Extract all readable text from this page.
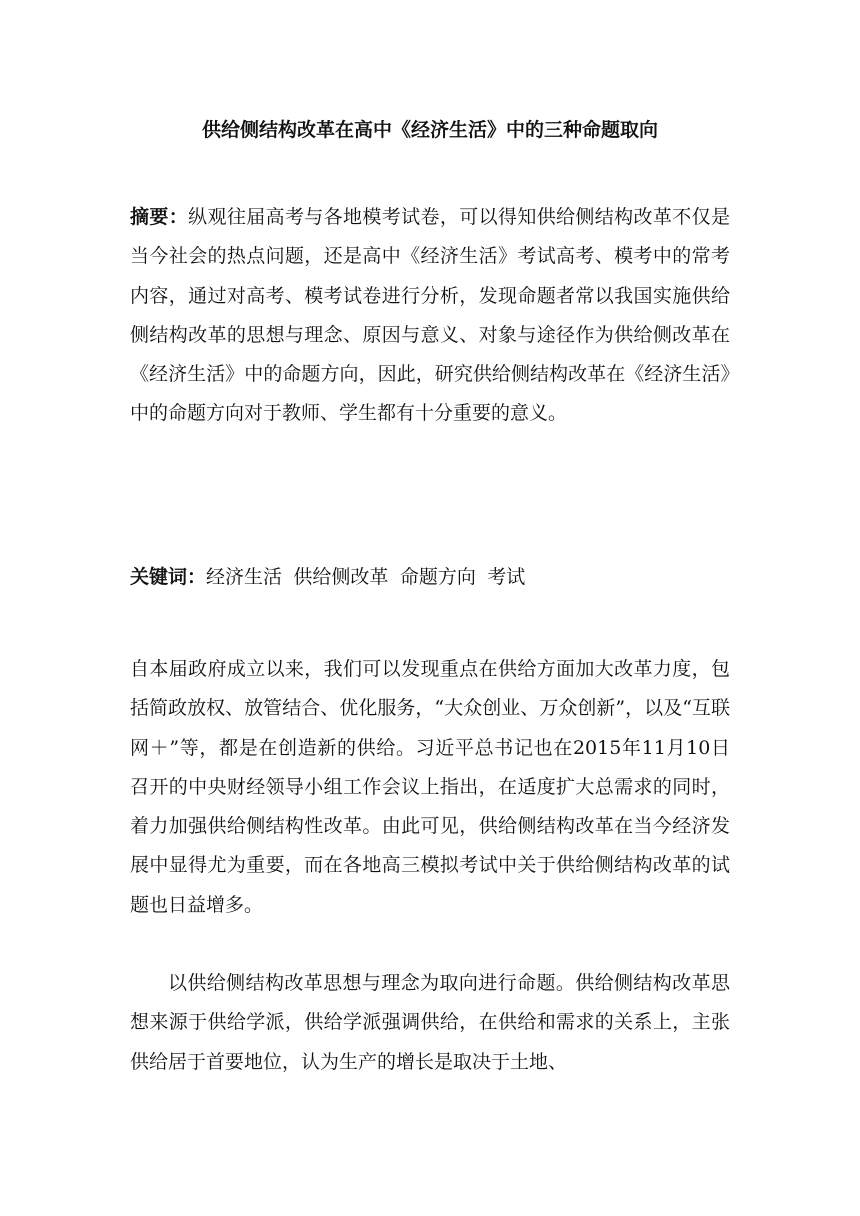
供给侧结构改革在高中《经济生活》中的三种命题取向

摘要：纵观往届高考与各地模考试卷，可以得知供给侧结构改革不仅是当今社会的热点问题，还是高中《经济生活》考试高考、模考中的常考内容，通过对高考、模考试卷进行分析，发现命题者常以我国实施供给侧结构改革的思想与理念、原因与意义、对象与途径作为供给侧改革在《经济生活》中的命题方向，因此，研究供给侧结构改革在《经济生活》中的命题方向对于教师、学生都有十分重要的意义。

关键词：经济生活 供给侧改革 命题方向 考试

自本届政府成立以来，我们可以发现重点在供给方面加大改革力度，包括简政放权、放管结合、优化服务，“大众创业、万众创新”，以及“互联网＋”等，都是在创造新的供给。习近平总书记也在2015年11月10日召开的中央财经领导小组工作会议上指出，在适度扩大总需求的同时，着力加强供给侧结构性改革。由此可见，供给侧结构改革在当今经济发展中显得尤为重要，而在各地高三模拟考试中关于供给侧结构改革的试题也日益增多。

以供给侧结构改革思想与理念为取向进行命题。供给侧结构改革思想来源于供给学派，供给学派强调供给，在供给和需求的关系上，主张供给居于首要地位，认为生产的增长是取决于土地、
